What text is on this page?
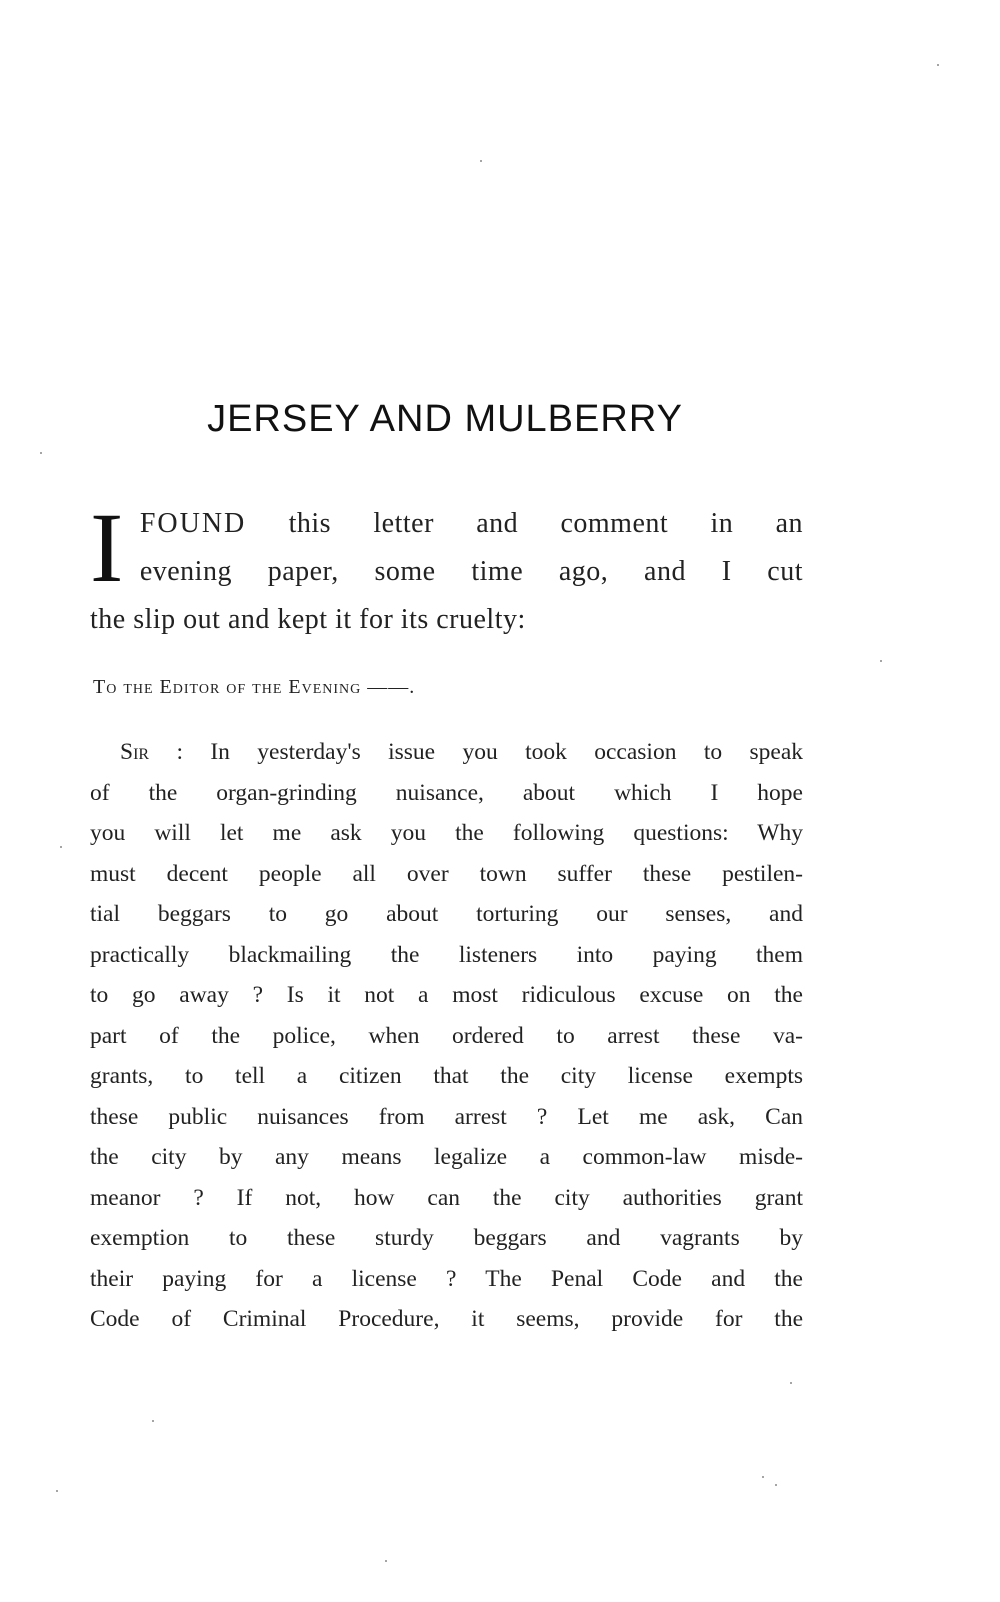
JERSEY AND MULBERRY
I FOUND this letter and comment in an
evening paper, some time ago, and I cut
the slip out and kept it for its cruelty:
To the Editor of the Evening ——.
Sir : In yesterday's issue you took occasion to speak
of the organ-grinding nuisance, about which I hope
you will let me ask you the following questions: Why
must decent people all over town suffer these pestilen-
tial beggars to go about torturing our senses, and
practically blackmailing the listeners into paying them
to go away ? Is it not a most ridiculous excuse on the
part of the police, when ordered to arrest these va-
grants, to tell a citizen that the city license exempts
these public nuisances from arrest ? Let me ask, Can
the city by any means legalize a common-law misde-
meanor ? If not, how can the city authorities grant
exemption to these sturdy beggars and vagrants by
their paying for a license ? The Penal Code and the
Code of Criminal Procedure, it seems, provide for the
